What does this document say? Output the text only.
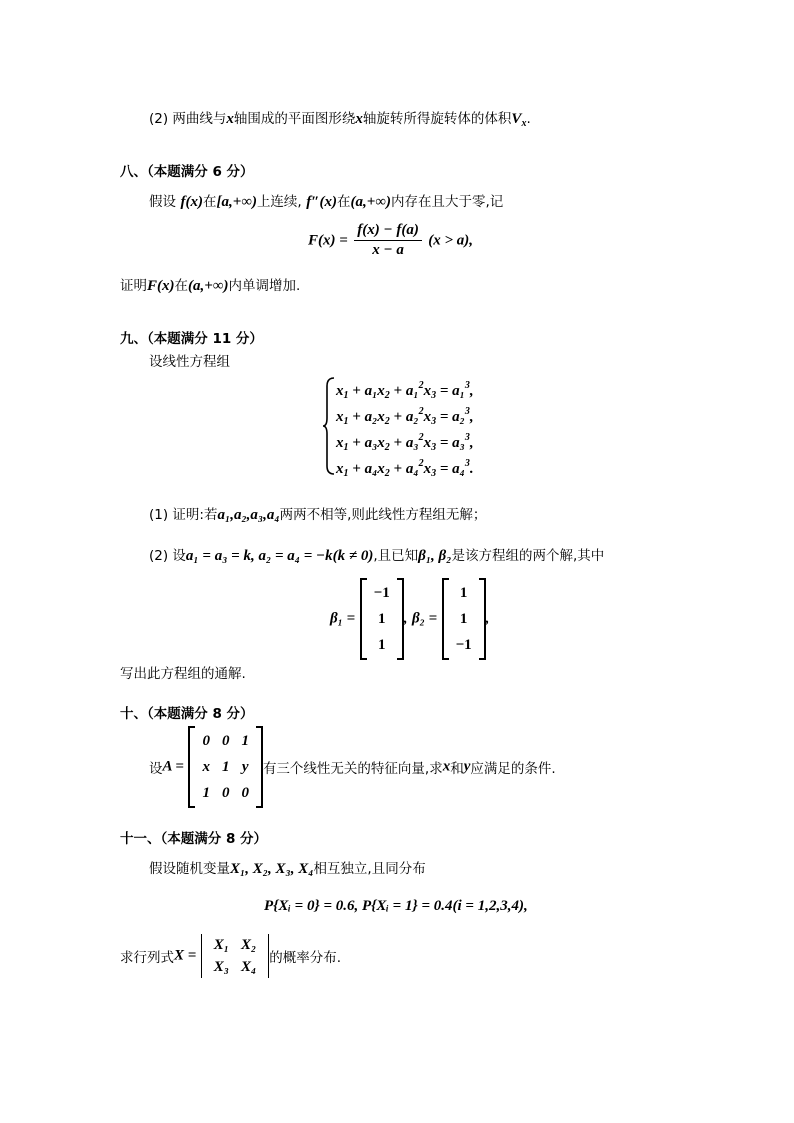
(2) 两曲线与x轴围成的平面图形绕x轴旋转所得旋转体的体积$V_x$.
八、（本题满分 6 分）
假设 f(x)在[a,+∞)上连续, f″(x)在(a,+∞)内存在且大于零,记
$F(x) = \frac{f(x) - f(a)}{x - a} (x > a)$,
证明F(x)在(a,+∞)内单调增加.
九、（本题满分 11 分）
设线性方程组
$x_1 + a_1x_2 + a_1^2x_3 = a_1^3$,
$x_1 + a_2x_2 + a_2^2x_3 = a_2^3$,
$x_1 + a_3x_2 + a_3^2x_3 = a_3^3$,
$x_1 + a_4x_2 + a_4^2x_3 = a_4^3$.
(1) 证明:若a₁,a₂,a₃,a₄两两不相等,则此线性方程组无解；
(2) 设a₁ = a₃ = k, a₂ = a₄ = −k(k ≠ 0),且已知β₁, β₂是该方程组的两个解,其中
β₁ =
−1
1
1
, β₂ =
1
1
−1
,
写出此方程组的通解.
十、（本题满分 8 分）
设A =
0	0	1
x	1	y
1	0	0
有三个线性无关的特征向量,求x和y应满足的条件.
十一、（本题满分 8 分）
假设随机变量X₁, X₂, X₃, X₄相互独立,且同分布
P{Xᵢ = 0} = 0.6, P{Xᵢ = 1} = 0.4(i = 1,2,3,4),
求行列式X =
X₁	X₂
X₃	X₄
的概率分布.
